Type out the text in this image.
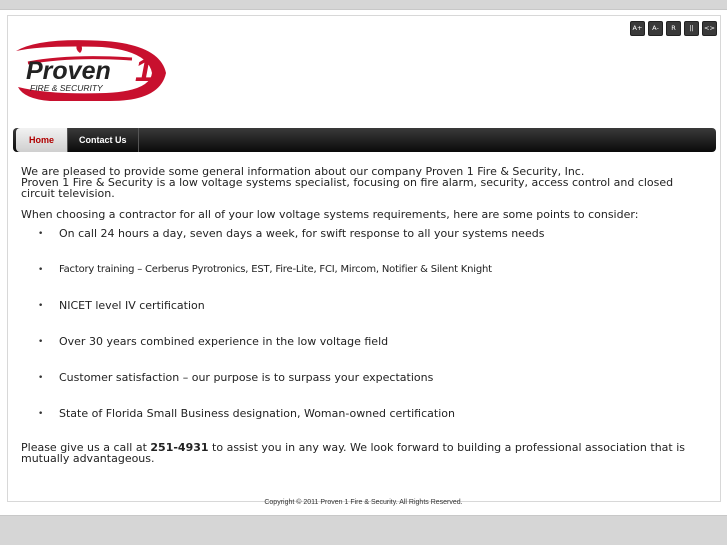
A+	A-	R	||	<>
Proven 1
FIRE & SECURITY
Home	Contact Us

We are pleased to provide some general information about our company Proven 1 Fire & Security, Inc.
Proven 1 Fire & Security is a low voltage systems specialist, focusing on fire alarm, security, access control and closed circuit television.

When choosing a contractor for all of your low voltage systems requirements, here are some points to consider:

• On call 24 hours a day, seven days a week, for swift response to all your systems needs
• Factory training – Cerberus Pyrotronics, EST, Fire-Lite, FCI, Mircom, Notifier & Silent Knight
• NICET level IV certification
• Over 30 years combined experience in the low voltage field
• Customer satisfaction – our purpose is to surpass your expectations
• State of Florida Small Business designation, Woman-owned certification

Please give us a call at 251-4931 to assist you in any way. We look forward to building a professional association that is mutually advantageous.

Copyright © 2011 Proven 1 Fire & Security. All Rights Reserved.
